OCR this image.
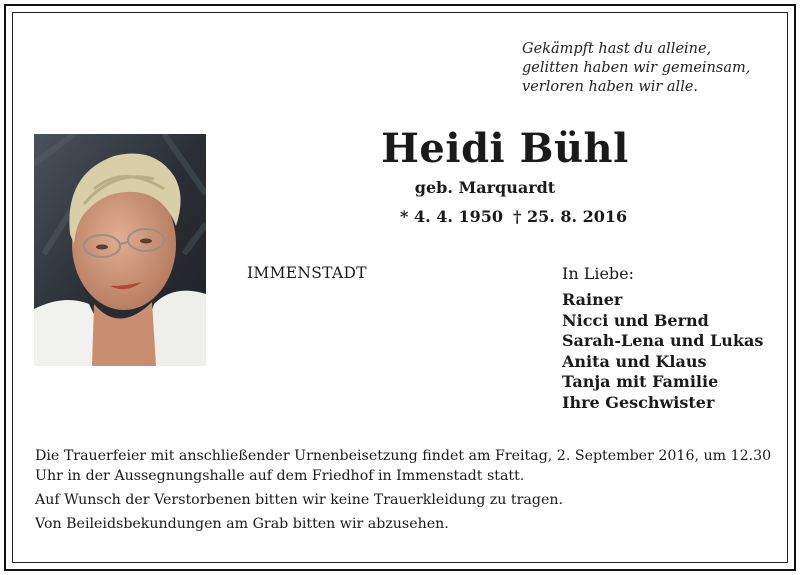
Gekämpft hast du alleine,
gelitten haben wir gemeinsam,
verloren haben wir alle.
Heidi Bühl
geb. Marquardt
* 4. 4. 1950 † 25. 8. 2016
IMMENSTADT	In Liebe:
Rainer
Nicci und Bernd
Sarah-Lena und Lukas
Anita und Klaus
Tanja mit Familie
Ihre Geschwister

Die Trauerfeier mit anschließender Urnenbeisetzung findet am Freitag, 2. September 2016, um 12.30 Uhr in der Aussegnungshalle auf dem Friedhof in Immenstadt statt.

Auf Wunsch der Verstorbenen bitten wir keine Trauerkleidung zu tragen.

Von Beileidsbekundungen am Grab bitten wir abzusehen.
